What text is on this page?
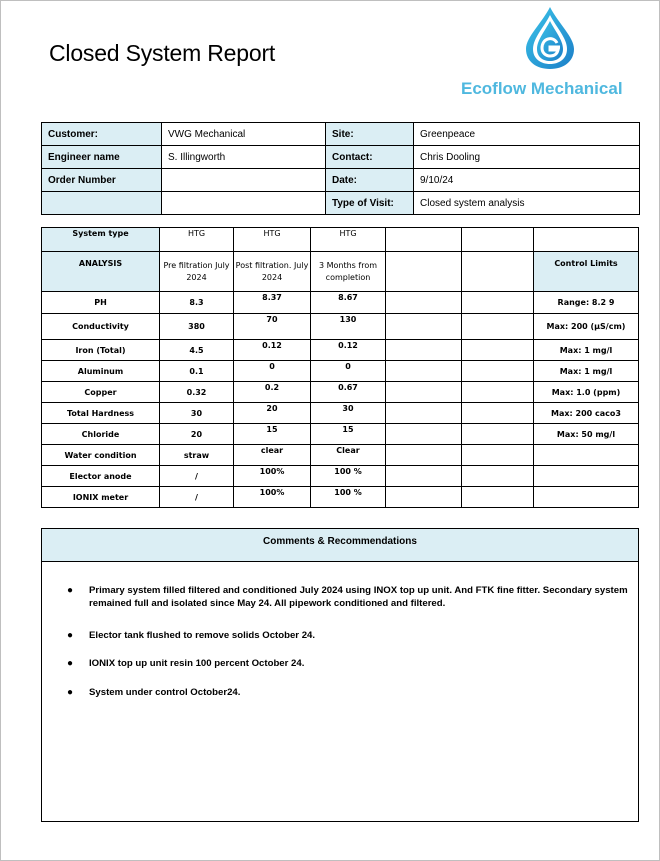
Closed System Report
Ecoflow Mechanical
Customer:	VWG Mechanical	Site:	Greenpeace
Engineer name	S. Illingworth	Contact:	Chris Dooling
Order Number		Date:	9/10/24
		Type of Visit:	Closed system analysis
System type	HTG	HTG	HTG			
ANALYSIS	Pre filtration July 2024	Post filtration. July 2024	3 Months from completion			Control Limits
PH	8.3	8.37	8.67			Range: 8.2 9
Conductivity	380	70	130			Max: 200 (µS/cm)
Iron (Total)	4.5	0.12	0.12			Max: 1 mg/l
Aluminum	0.1	0	0			Max: 1 mg/l
Copper	0.32	0.2	0.67			Max: 1.0 (ppm)
Total Hardness	30	20	30			Max: 200 caco3
Chloride	20	15	15			Max: 50 mg/l
Water condition	straw	clear	Clear			
Elector anode	/	100%	100 %			
IONIX meter	/	100%	100 %			
Comments & Recommendations
Primary system filled filtered and conditioned July 2024 using INOX top up unit. And FTK fine fitter. Secondary system remained full and isolated since May 24. All pipework conditioned and filtered.
●
Elector tank flushed to remove solids October 24.
●
IONIX top up unit resin 100 percent October 24.
●
System under control October24.
●
